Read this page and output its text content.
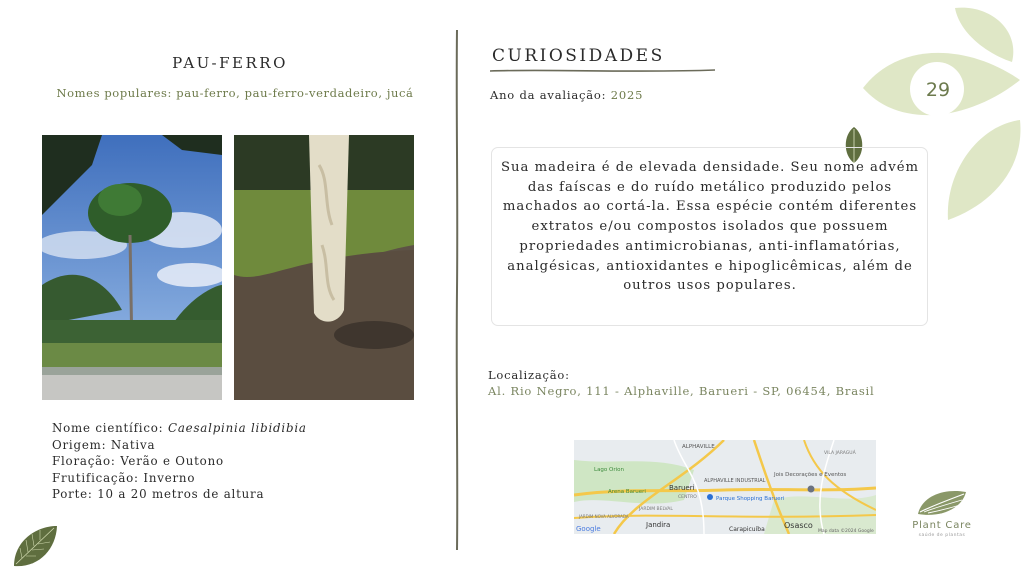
29
PAU-FERRO
Nomes populares: pau-ferro, pau-ferro-verdadeiro, jucá
Nome científico: Caesalpinia libidibia
Origem: Nativa
Floração: Verão e Outono
Frutificação: Inverno
Porte: 10 a 20 metros de altura
CURIOSIDADES
Ano da avaliação: 2025
Sua madeira é de elevada densidade. Seu nome advém das faíscas e do ruído metálico produzido pelos machados ao cortá-la. Essa espécie contém diferentes extratos e/ou compostos isolados que possuem propriedades antimicrobianas, anti-inflamatórias, analgésicas, antioxidantes e hipoglicêmicas, além de outros usos populares.
Localização:
Al. Rio Negro, 111 - Alphaville, Barueri - SP, 06454, Brasil
ALPHAVILLE
Lago Orion
Barueri
Arena Barueri
CENTRO
ALPHAVILLE INDUSTRIAL
Parque Shopping Barueri
Jois Decorações e Eventos
VILA JARAGUÁ
JARDIM BELVAL
JARDIM NOVA ALVORADA
Jandira
Carapicuíba Osasco
Google	Map data ©2024 Google
Plant Care
saúde de plantas
